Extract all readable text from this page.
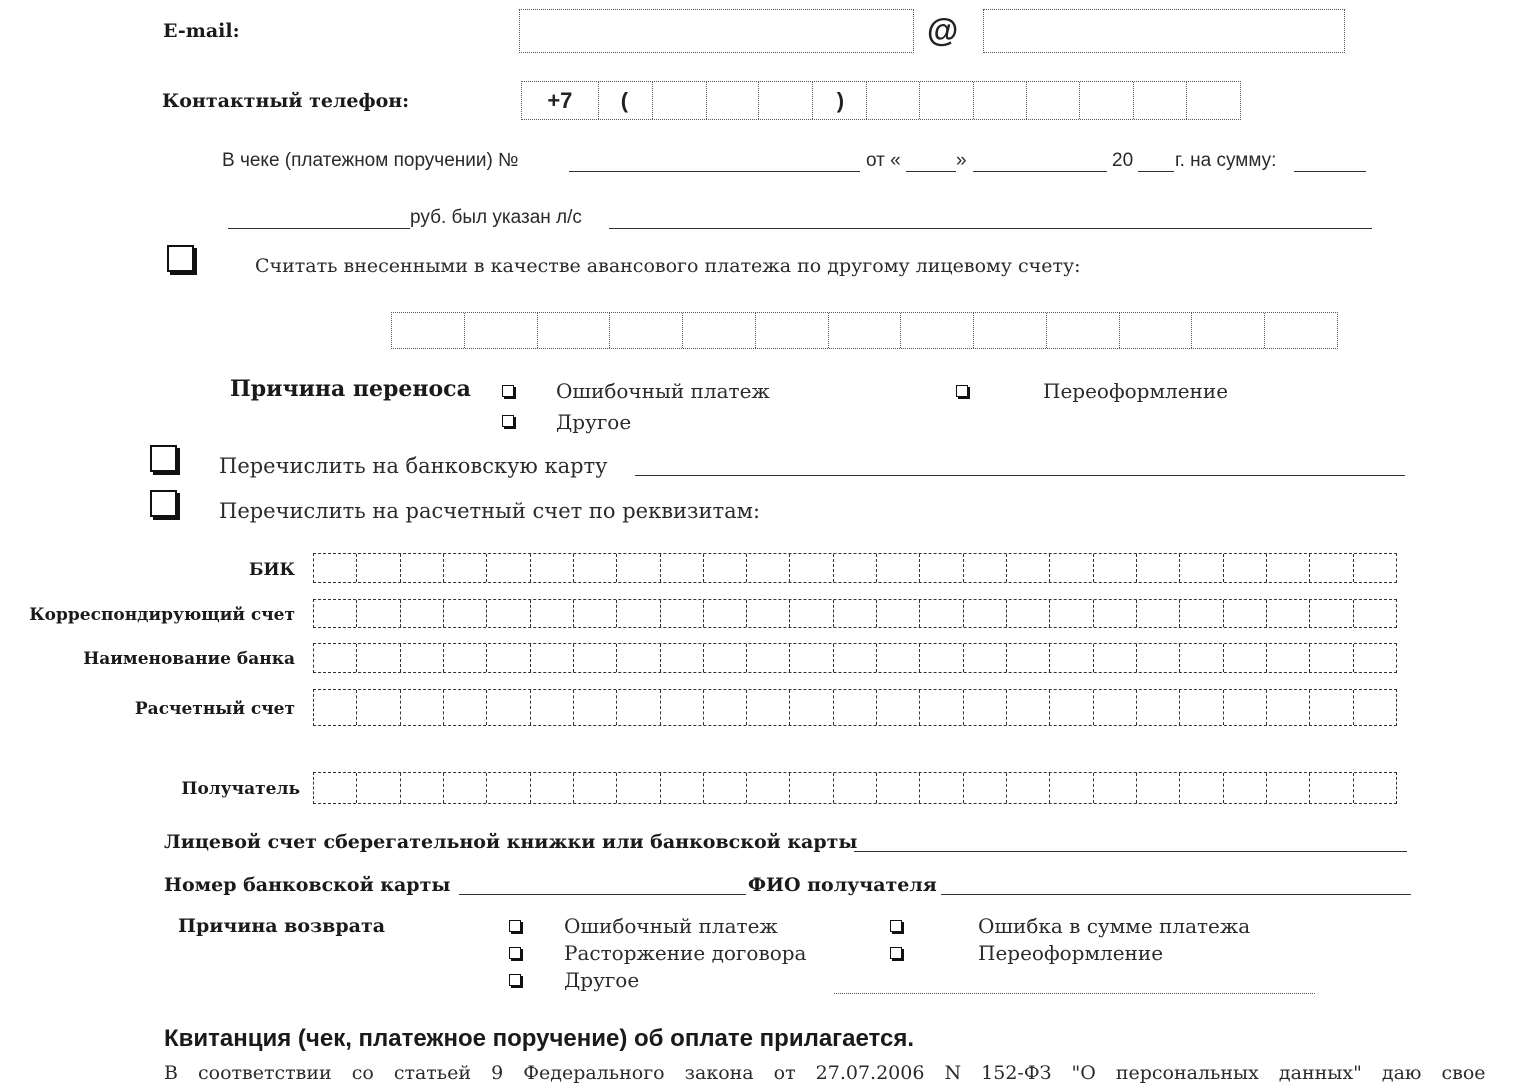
E-mail:	@
Контактный телефон:	+7	(	)
В чеке (платежном поручении) №	от «	»	20 г. на сумму:
руб. был указан л/с
Считать внесенными в качестве авансового платежа по другому лицевому счету:
Причина переноса	Ошибочный платеж
Другое
Переоформление
Перечислить на банковскую карту
Перечислить на расчетный счет по реквизитам:
БИК
Корреспондирующий счет
Наименование банка
Расчетный счет
Получатель
Лицевой счет сберегательной книжки или банковской карты
Номер банковской карты	ФИО получателя
Причина возврата	Ошибочный платеж
Расторжение договора
Другое
Ошибка в сумме платежа
Переоформление
Квитанция (чек, платежное поручение) об оплате прилагается.
В соответствии со статьей 9 Федерального закона от 27.07.2006 N 152-ФЗ "О персональных данных" даю свое
